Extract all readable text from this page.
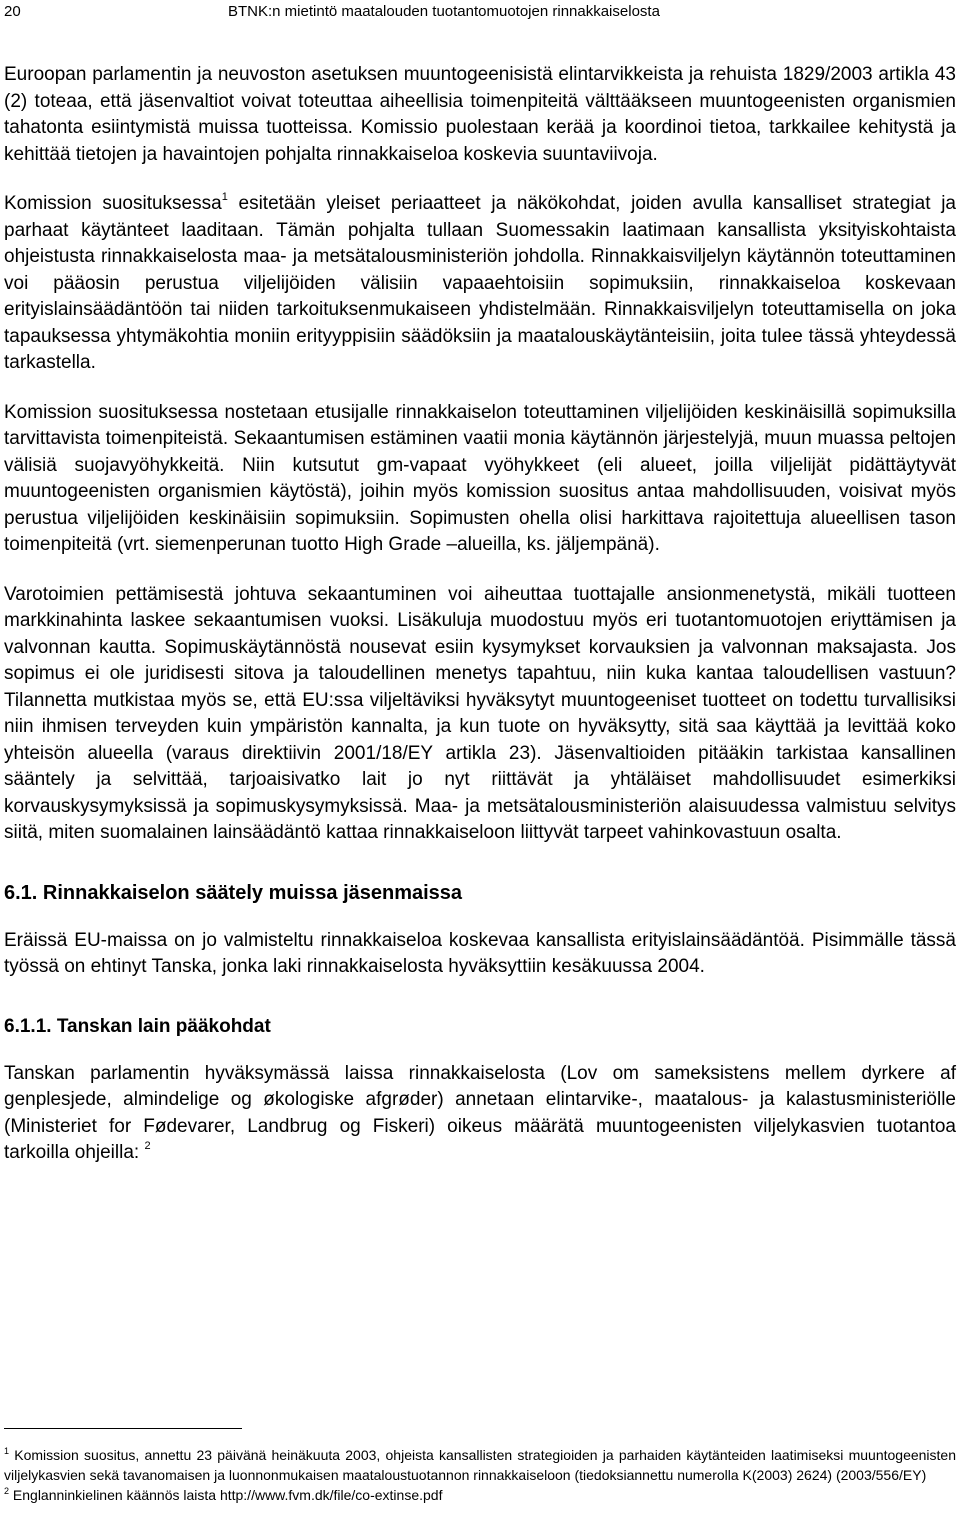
20	BTNK:n mietintö maatalouden tuotantomuotojen rinnakkaiselosta

Euroopan parlamentin ja neuvoston asetuksen muuntogeenisistä elintarvikkeista ja rehuista 1829/2003 artikla 43 (2) toteaa, että jäsenvaltiot voivat toteuttaa aiheellisia toimenpiteitä välttääkseen muuntogeenisten organismien tahatonta esiintymistä muissa tuotteissa. Komissio puolestaan kerää ja koordinoi tietoa, tarkkailee kehitystä ja kehittää tietojen ja havaintojen pohjalta rinnakkaiseloa koskevia suuntaviivoja.

Komission suosituksessa$^1$ esitetään yleiset periaatteet ja näkökohdat, joiden avulla kansalliset strategiat ja parhaat käytänteet laaditaan. Tämän pohjalta tullaan Suomessakin laatimaan kansallista yksityiskohtaista ohjeistusta rinnakkaiselosta maa- ja metsätalousministeriön johdolla. Rinnakkaisviljelyn käytännön toteuttaminen voi pääosin perustua viljelijöiden välisiin vapaaehtoisiin sopimuksiin, rinnakkaiseloa koskevaan erityislainsäädäntöön tai niiden tarkoituksenmukaiseen yhdistelmään. Rinnakkaisviljelyn toteuttamisella on joka tapauksessa yhtymäkohtia moniin erityyppisiin säädöksiin ja maatalouskäytänteisiin, joita tulee tässä yhteydessä tarkastella.

Komission suosituksessa nostetaan etusijalle rinnakkaiselon toteuttaminen viljelijöiden keskinäisillä sopimuksilla tarvittavista toimenpiteistä. Sekaantumisen estäminen vaatii monia käytännön järjestelyjä, muun muassa peltojen välisiä suojavyöhykkeitä. Niin kutsutut gm-vapaat vyöhykkeet (eli alueet, joilla viljelijät pidättäytyvät muuntogeenisten organismien käytöstä), joihin myös komission suositus antaa mahdollisuuden, voisivat myös perustua viljelijöiden keskinäisiin sopimuksiin. Sopimusten ohella olisi harkittava rajoitettuja alueellisen tason toimenpiteitä (vrt. siemenperunan tuotto High Grade –alueilla, ks. jäljempänä).

Varotoimien pettämisestä johtuva sekaantuminen voi aiheuttaa tuottajalle ansionmenetystä, mikäli tuotteen markkinahinta laskee sekaantumisen vuoksi. Lisäkuluja muodostuu myös eri tuotantomuotojen eriyttämisen ja valvonnan kautta. Sopimuskäytännöstä nousevat esiin kysymykset korvauksien ja valvonnan maksajasta. Jos sopimus ei ole juridisesti sitova ja taloudellinen menetys tapahtuu, niin kuka kantaa taloudellisen vastuun? Tilannetta mutkistaa myös se, että EU:ssa viljeltäviksi hyväksytyt muuntogeeniset tuotteet on todettu turvallisiksi niin ihmisen terveyden kuin ympäristön kannalta, ja kun tuote on hyväksytty, sitä saa käyttää ja levittää koko yhteisön alueella (varaus direktiivin 2001/18/EY artikla 23). Jäsenvaltioiden pitääkin tarkistaa kansallinen sääntely ja selvittää, tarjoaisivatko lait jo nyt riittävät ja yhtäläiset mahdollisuudet esimerkiksi korvauskysymyksissä ja sopimuskysymyksissä. Maa- ja metsätalousministeriön alaisuudessa valmistuu selvitys siitä, miten suomalainen lainsäädäntö kattaa rinnakkaiseloon liittyvät tarpeet vahinkovastuun osalta.

6.1. Rinnakkaiselon säätely muissa jäsenmaissa

Eräissä EU-maissa on jo valmisteltu rinnakkaiseloa koskevaa kansallista erityislainsäädäntöä. Pisimmälle tässä työssä on ehtinyt Tanska, jonka laki rinnakkaiselosta hyväksyttiin kesäkuussa 2004.

6.1.1. Tanskan lain pääkohdat

Tanskan parlamentin hyväksymässä laissa rinnakkaiselosta (Lov om sameksistens mellem dyrkere af genplesjede, almindelige og økologiske afgrøder) annetaan elintarvike-, maatalous- ja kalastusministeriölle (Ministeriet for Fødevarer, Landbrug og Fiskeri) oikeus määrätä muuntogeenisten viljelykasvien tuotantoa tarkoilla ohjeilla: $^2$

$^1$ Komission suositus, annettu 23 päivänä heinäkuuta 2003, ohjeista kansallisten strategioiden ja parhaiden käytänteiden laatimiseksi muuntogeenisten viljelykasvien sekä tavanomaisen ja luonnonmukaisen maataloustuotannon rinnakkaiseloon (tiedoksiannettu numerolla K(2003) 2624) (2003/556/EY)

$^2$ Englanninkielinen käännös laista http://www.fvm.dk/file/co-extinse.pdf
